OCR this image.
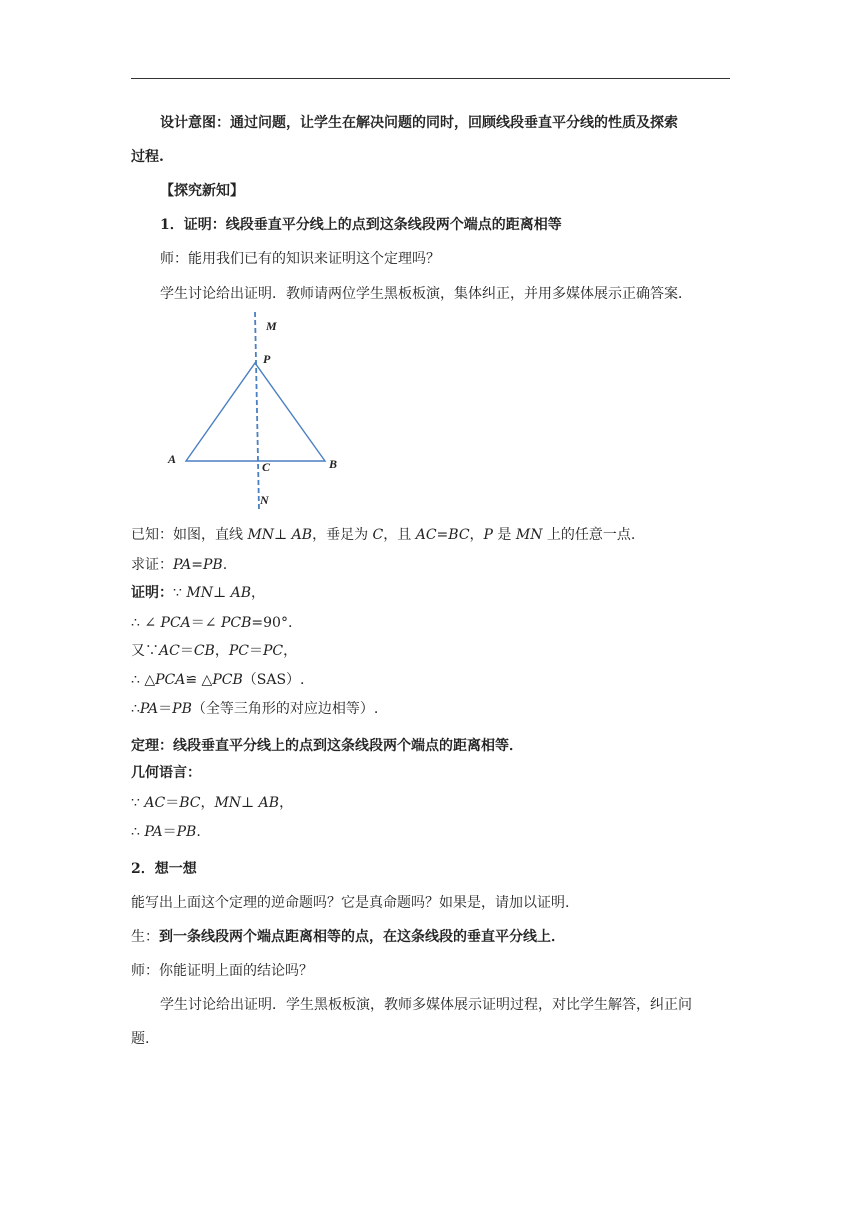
设计意图：通过问题，让学生在解决问题的同时，回顾线段垂直平分线的性质及探索
过程.
【探究新知】
1．证明：线段垂直平分线上的点到这条线段两个端点的距离相等
师：能用我们已有的知识来证明这个定理吗？
学生讨论给出证明．教师请两位学生黑板板演，集体纠正，并用多媒体展示正确答案．
M
P
A
C	B
N
已知：如图，直线 MN⊥ AB，垂足为 C，且 AC=BC，P 是 MN 上的任意一点.
求证：PA=PB.
证明：∵ MN⊥ AB，
∴ ∠ PCA＝∠ PCB=90°.
又∵AC＝CB，PC＝PC，
∴ △PCA≌ △PCB（SAS）.
∴PA＝PB（全等三角形的对应边相等）.
定理：线段垂直平分线上的点到这条线段两个端点的距离相等．
几何语言：
∵ AC＝BC，MN⊥ AB，
∴ PA＝PB.
2．想一想
能写出上面这个定理的逆命题吗？它是真命题吗？如果是，请加以证明.
生：到一条线段两个端点距离相等的点，在这条线段的垂直平分线上．
师：你能证明上面的结论吗？
学生讨论给出证明．学生黑板板演，教师多媒体展示证明过程，对比学生解答，纠正问
题.
